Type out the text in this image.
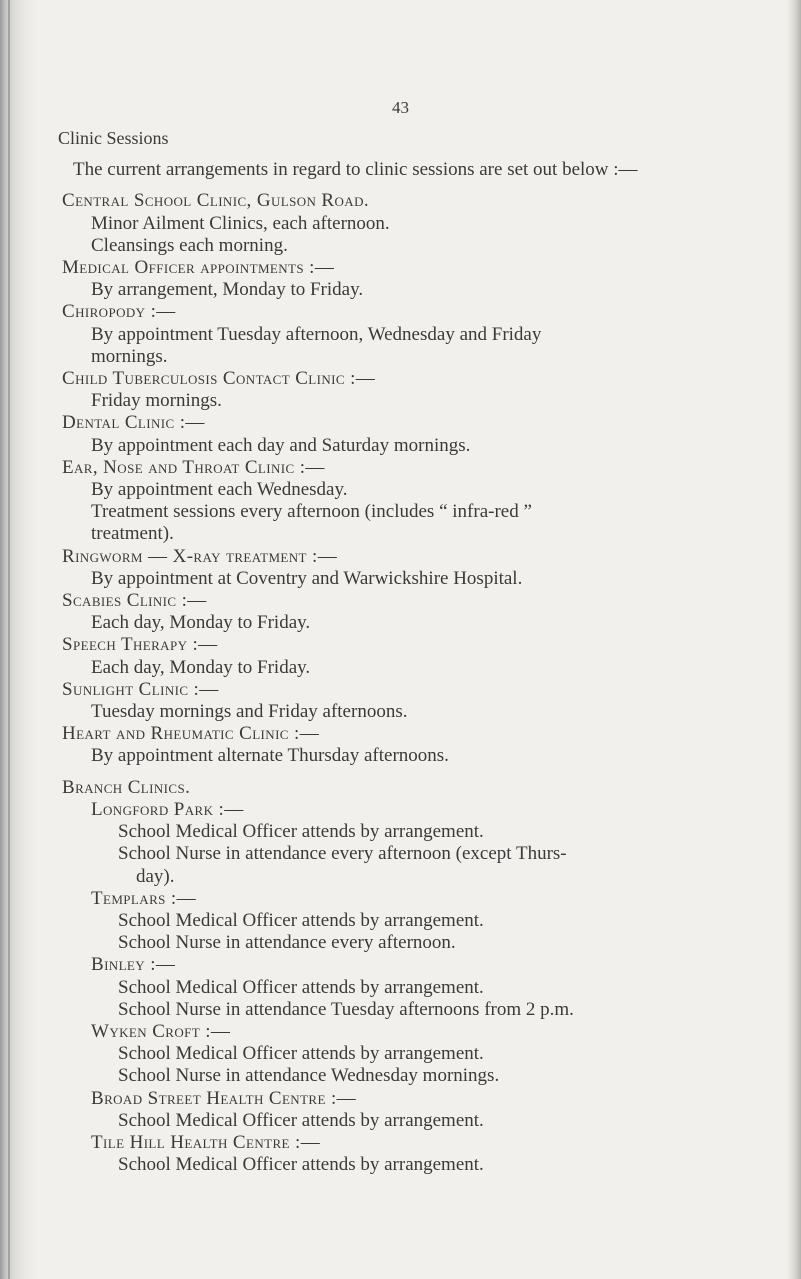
43
Clinic Sessions
The current arrangements in regard to clinic sessions are set out below :—
Central School Clinic, Gulson Road.
Minor Ailment Clinics, each afternoon.
Cleansings each morning.
Medical Officer appointments :—
By arrangement, Monday to Friday.
Chiropody :—
By appointment Tuesday afternoon, Wednesday and Friday
mornings.
Child Tuberculosis Contact Clinic :—
Friday mornings.
Dental Clinic :—
By appointment each day and Saturday mornings.
Ear, Nose and Throat Clinic :—
By appointment each Wednesday.
Treatment sessions every afternoon (includes “ infra-red ”
treatment).
Ringworm — X-ray treatment :—
By appointment at Coventry and Warwickshire Hospital.
Scabies Clinic :—
Each day, Monday to Friday.
Speech Therapy :—
Each day, Monday to Friday.
Sunlight Clinic :—
Tuesday mornings and Friday afternoons.
Heart and Rheumatic Clinic :—
By appointment alternate Thursday afternoons.
Branch Clinics.
Longford Park :—
School Medical Officer attends by arrangement.
School Nurse in attendance every afternoon (except Thurs-
day).
Templars :—
School Medical Officer attends by arrangement.
School Nurse in attendance every afternoon.
Binley :—
School Medical Officer attends by arrangement.
School Nurse in attendance Tuesday afternoons from 2 p.m.
Wyken Croft :—
School Medical Officer attends by arrangement.
School Nurse in attendance Wednesday mornings.
Broad Street Health Centre :—
School Medical Officer attends by arrangement.
Tile Hill Health Centre :—
School Medical Officer attends by arrangement.
